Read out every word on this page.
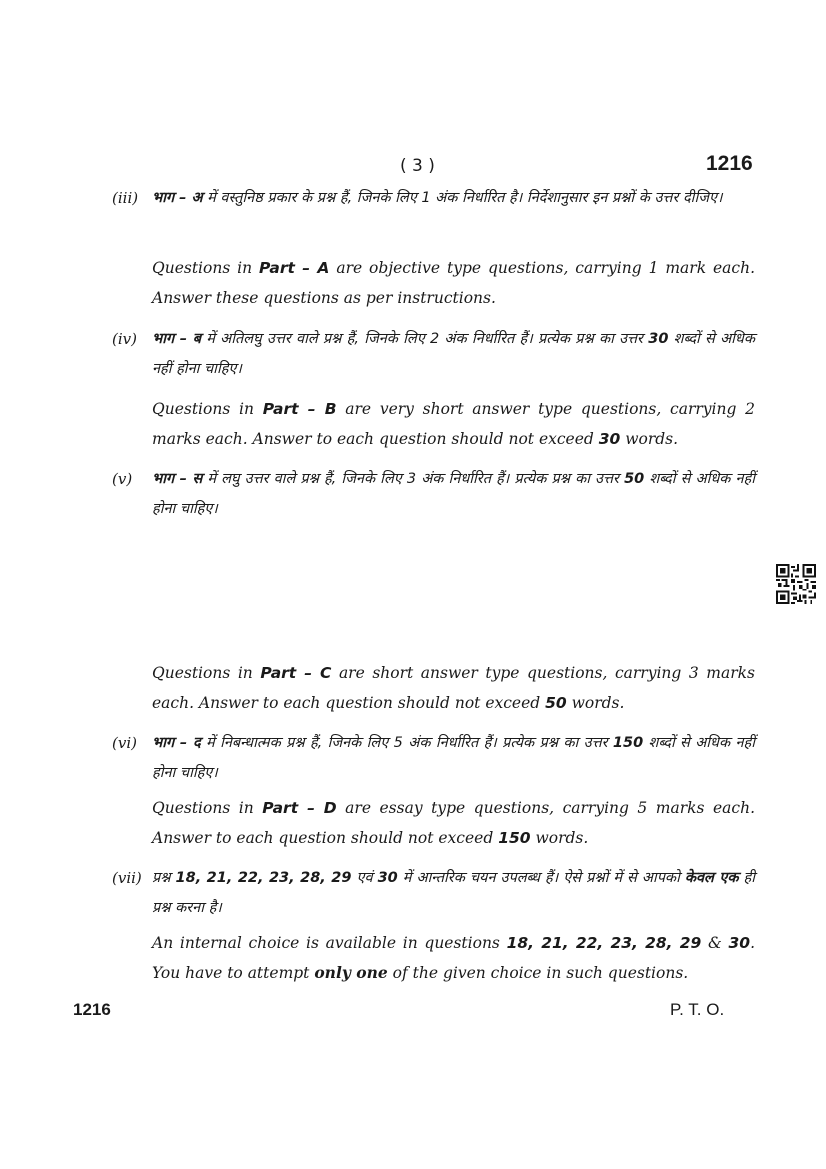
( 3 )	1216
(iii) भाग – अ में वस्तुनिष्ठ प्रकार के प्रश्न हैं, जिनके लिए 1 अंक निर्धारित है। निर्देशानुसार इन प्रश्नों के उत्तर दीजिए।
Questions in Part – A are objective type questions, carrying 1 mark each. Answer these questions as per instructions.
(iv) भाग – ब में अतिलघु उत्तर वाले प्रश्न हैं, जिनके लिए 2 अंक निर्धारित हैं। प्रत्येक प्रश्न का उत्तर 30 शब्दों से अधिक नहीं होना चाहिए।
Questions in Part – B are very short answer type questions, carrying 2 marks each. Answer to each question should not exceed 30 words.
(v) भाग – स में लघु उत्तर वाले प्रश्न हैं, जिनके लिए 3 अंक निर्धारित हैं। प्रत्येक प्रश्न का उत्तर 50 शब्दों से अधिक नहीं होना चाहिए।
Questions in Part – C are short answer type questions, carrying 3 marks each. Answer to each question should not exceed 50 words.
(vi) भाग – द में निबन्धात्मक प्रश्न हैं, जिनके लिए 5 अंक निर्धारित हैं। प्रत्येक प्रश्न का उत्तर 150 शब्दों से अधिक नहीं होना चाहिए।
Questions in Part – D are essay type questions, carrying 5 marks each. Answer to each question should not exceed 150 words.
(vii) प्रश्न 18, 21, 22, 23, 28, 29 एवं 30 में आन्तरिक चयन उपलब्ध हैं। ऐसे प्रश्नों में से आपको केवल एक ही प्रश्न करना है।
An internal choice is available in questions 18, 21, 22, 23, 28, 29 & 30. You have to attempt only one of the given choice in such questions.
1216	P. T. O.
